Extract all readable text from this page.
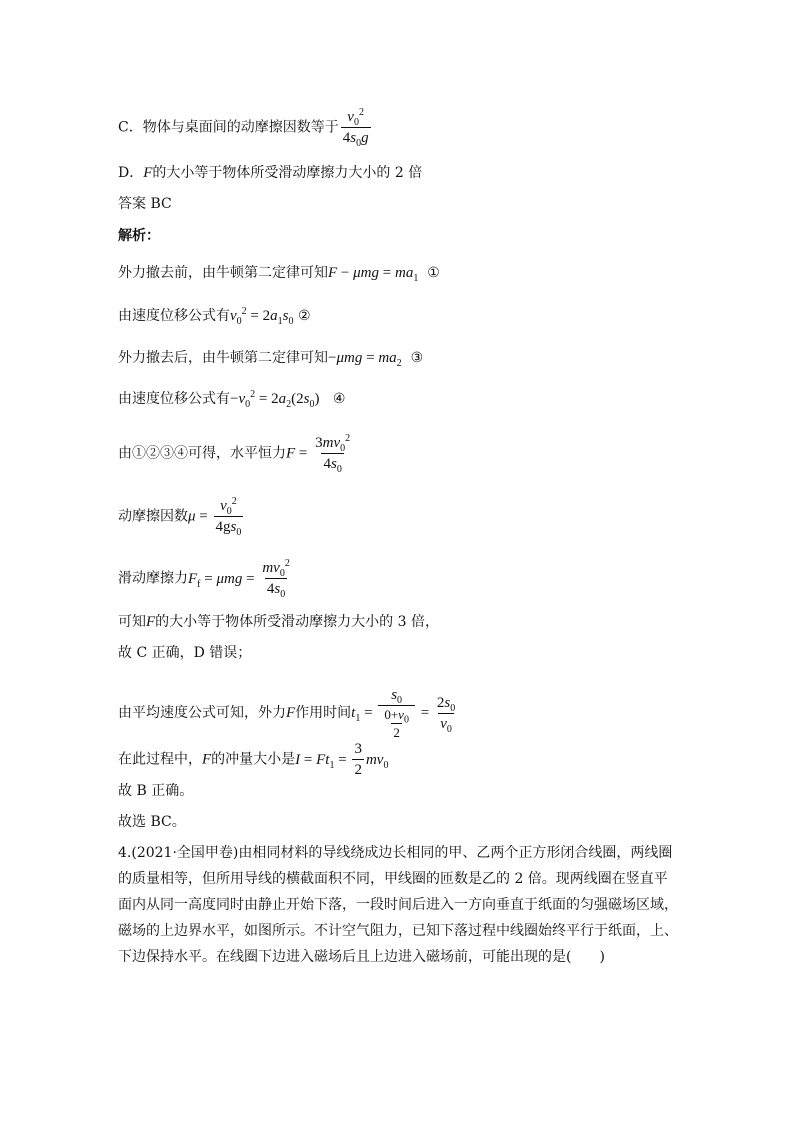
C．物体与桌面间的动摩擦因数等于 $\frac{v_0^2}{4s_0g}$
D．F的大小等于物体所受滑动摩擦力大小的 2 倍
答案 BC
解析：
外力撤去前，由牛顿第二定律可知$F - \mu mg = ma_1$ ①
由速度位移公式有$v_0^2 = 2a_1s_0$ ②
外力撤去后，由牛顿第二定律可知$-\mu mg = ma_2$ ③
由速度位移公式有$-v_0^2 = 2a_2(2s_0)$ ④
由①②③④可得，水平恒力$F = \frac{3mv_0^2}{4s_0}$
动摩擦因数$\mu = \frac{v_0^2}{4gs_0}$
滑动摩擦力$F_f = \mu mg = \frac{mv_0^2}{4s_0}$
可知F的大小等于物体所受滑动摩擦力大小的 3 倍，
故 C 正确，D 错误；
由平均速度公式可知，外力F作用时间$t_1 = \frac{s_0}{\frac{0+v_0}{2}} = \frac{2s_0}{v_0}$
在此过程中，F的冲量大小是$I = Ft_1 = \frac{3}{2} mv_0$
故 B 正确。
故选 BC。
4.(2021·全国甲卷)由相同材料的导线绕成边长相同的甲、乙两个正方形闭合线圈，两线圈的质量相等，但所用导线的横截面积不同，甲线圈的匝数是乙的 2 倍。现两线圈在竖直平面内从同一高度同时由静止开始下落，一段时间后进入一方向垂直于纸面的匀强磁场区域，磁场的上边界水平，如图所示。不计空气阻力，已知下落过程中线圈始终平行于纸面，上、下边保持水平。在线圈下边进入磁场后且上边进入磁场前，可能出现的是(　　)
